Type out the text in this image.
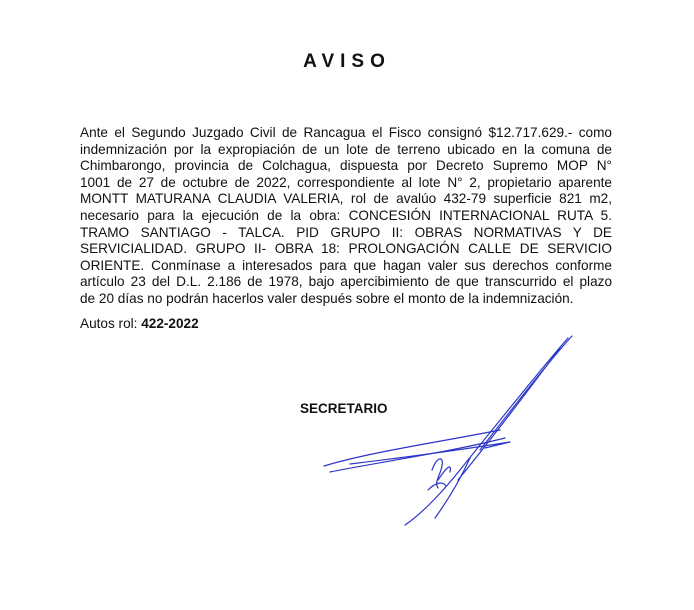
AVISO
Ante el Segundo Juzgado Civil de Rancagua el Fisco consignó $12.717.629.- como
indemnización por la expropiación de un lote de terreno ubicado en la comuna de
Chimbarongo, provincia de Colchagua, dispuesta por Decreto Supremo MOP N°
1001 de 27 de octubre de 2022, correspondiente al lote N° 2, propietario aparente
MONTT MATURANA CLAUDIA VALERIA, rol de avalúo 432-79 superficie 821 m2,
necesario para la ejecución de la obra: CONCESIÓN INTERNACIONAL RUTA 5.
TRAMO SANTIAGO - TALCA. PID GRUPO II: OBRAS NORMATIVAS Y DE
SERVICIALIDAD. GRUPO II- OBRA 18: PROLONGACIÓN CALLE DE SERVICIO
ORIENTE. Conmínase a interesados para que hagan valer sus derechos conforme
artículo 23 del D.L. 2.186 de 1978, bajo apercibimiento de que transcurrido el plazo
de 20 días no podrán hacerlos valer después sobre el monto de la indemnización.

Autos rol: 422-2022

SECRETARIO
